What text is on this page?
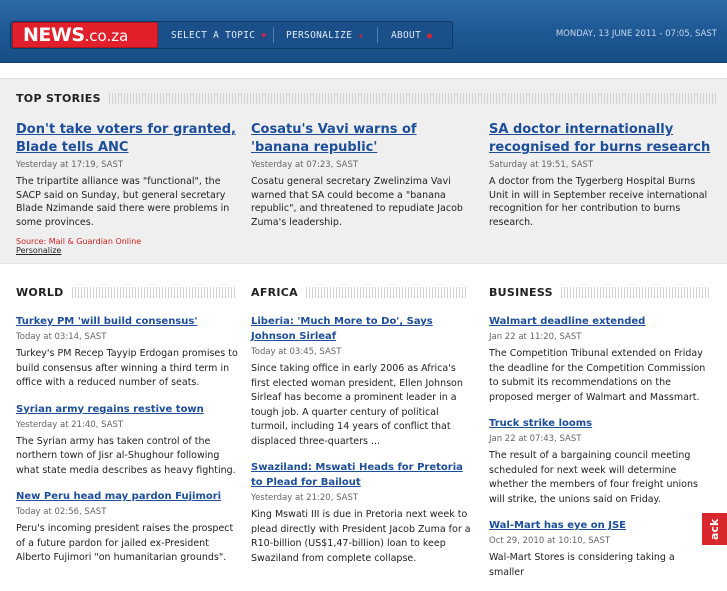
NEWS .co.za	SELECT A TOPIC ▼ PERSONALIZE ★	ABOUT ●	MONDAY, 13 JUNE 2011 - 07:05, SAST
TOP STORIES
Don't take voters for granted, Blade tells ANC
Yesterday at 17:19, SAST
The tripartite alliance was "functional", the SACP said on Sunday, but general secretary Blade Nzimande said there were problems in some provinces.
Source: Mail & Guardian Online
Personalize
Cosatu's Vavi warns of 'banana republic'
Yesterday at 07:23, SAST
Cosatu general secretary Zwelinzima Vavi warned that SA could become a "banana republic", and threatened to repudiate Jacob Zuma's leadership.
SA doctor internationally recognised for burns research
Saturday at 19:51, SAST
A doctor from the Tygerberg Hospital Burns Unit in will in September receive international recognition for her contribution to burns research.
WORLD	AFRICA	BUSINESS
Turkey PM 'will build consensus'
Today at 03:14, SAST
Turkey's PM Recep Tayyip Erdogan promises to build consensus after winning a third term in office with a reduced number of seats.
Syrian army regains restive town
Yesterday at 21:40, SAST
The Syrian army has taken control of the northern town of Jisr al-Shughour following what state media describes as heavy fighting.
New Peru head may pardon Fujimori
Today at 02:56, SAST
Peru's incoming president raises the prospect of a future pardon for jailed ex-President Alberto Fujimori "on humanitarian grounds".
Liberia: 'Much More to Do', Says Johnson Sirleaf
Today at 03:45, SAST
Since taking office in early 2006 as Africa's first elected woman president, Ellen Johnson Sirleaf has become a prominent leader in a tough job. A quarter century of political turmoil, including 14 years of conflict that displaced three-quarters ...
Swaziland: Mswati Heads for Pretoria to Plead for Bailout
Yesterday at 21:20, SAST
King Mswati III is due in Pretoria next week to plead directly with President Jacob Zuma for a R10-billion (US$1,47-billion) loan to keep Swaziland from complete collapse.
Walmart deadline extended
Jan 22 at 11:20, SAST
The Competition Tribunal extended on Friday the deadline for the Competition Commission to submit its recommendations on the proposed merger of Walmart and Massmart.
Truck strike looms
Jan 22 at 07:43, SAST
The result of a bargaining council meeting scheduled for next week will determine whether the members of four freight unions will strike, the unions said on Friday.
Wal-Mart has eye on JSE
Oct 29, 2010 at 10:10, SAST
Wal-Mart Stores is considering taking a smaller
ack
